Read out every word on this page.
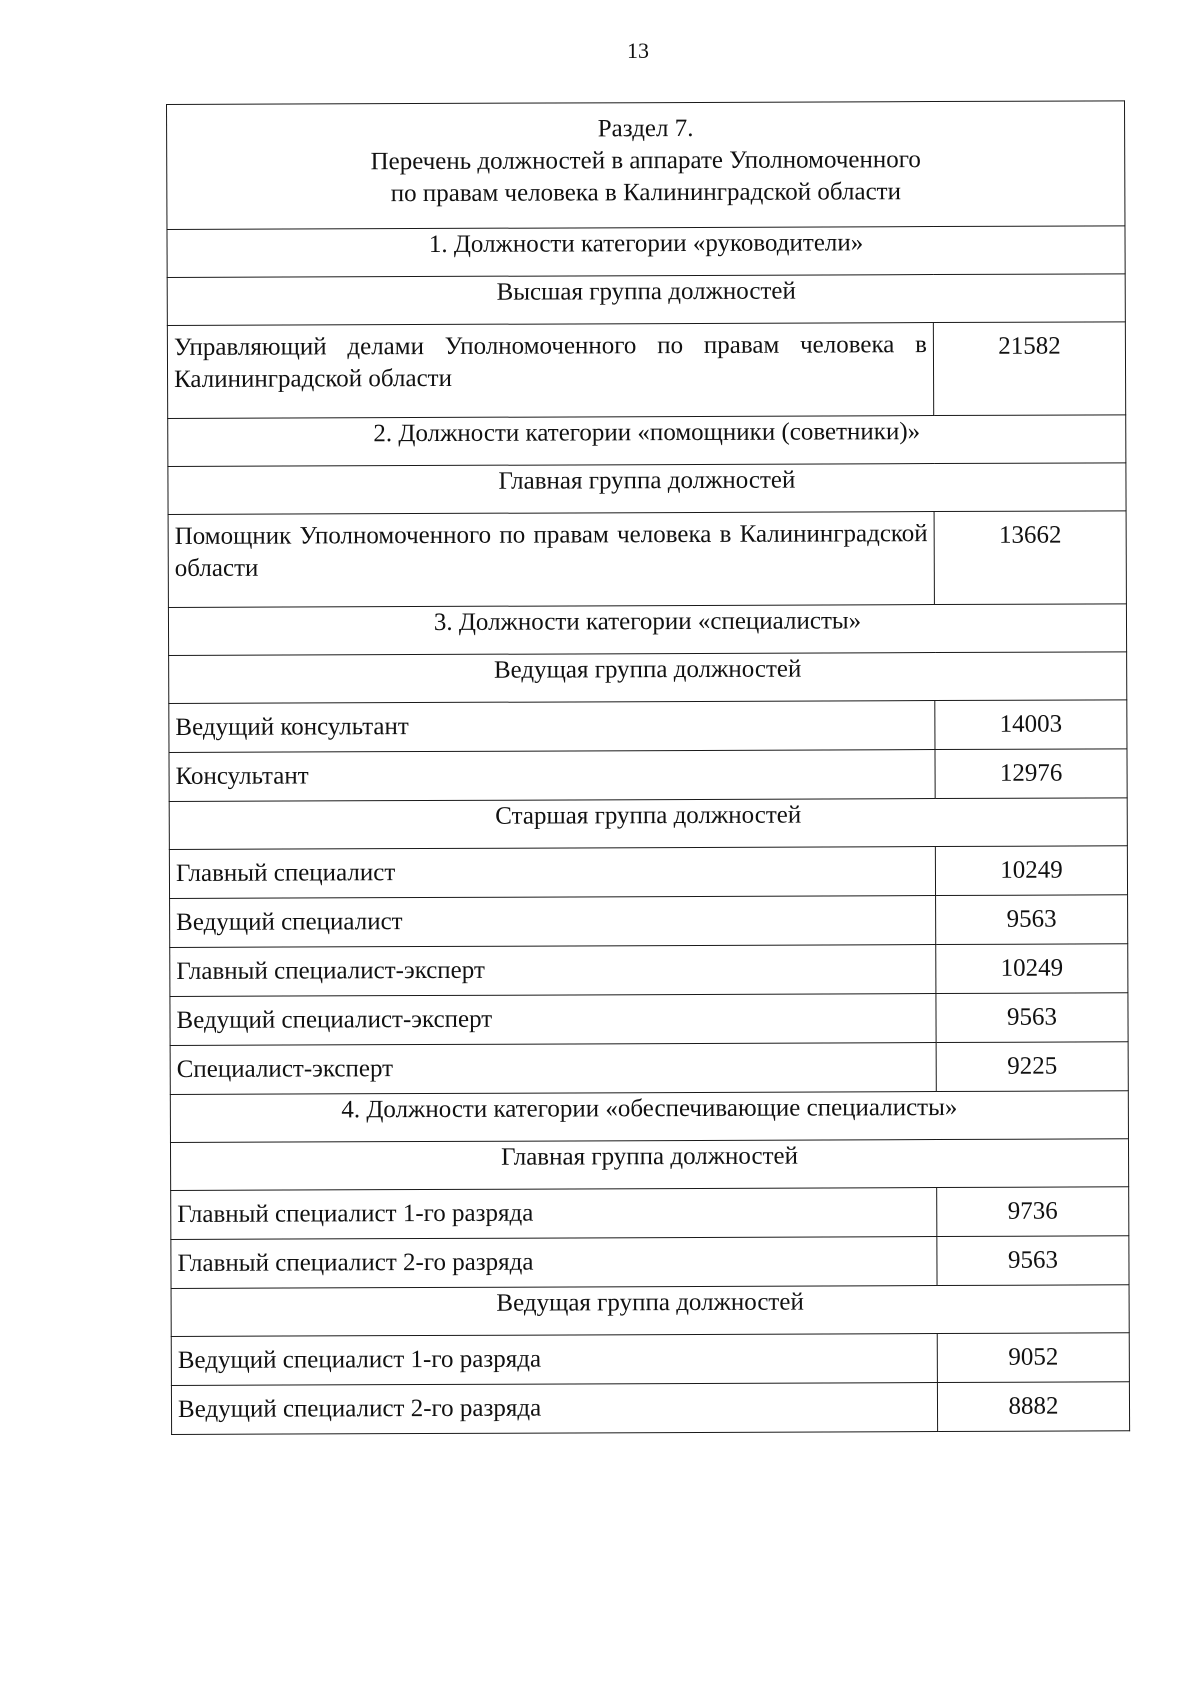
13
Раздел 7.
Перечень должностей в аппарате Уполномоченного
по правам человека в Калининградской области	

1. Должности категории «руководители»	
Высшая группа должностей	
Управляющий делами Уполномоченного по правам человека в Калининградской области	21582
2. Должности категории «помощники (советники)»	
Главная группа должностей	
Помощник Уполномоченного по правам человека в Калининградской области	13662
3. Должности категории «специалисты»	
Ведущая группа должностей	
Ведущий консультант	14003
Консультант	12976
Старшая группа должностей	
Главный специалист	10249
Ведущий специалист	9563
Главный специалист-эксперт	10249
Ведущий специалист-эксперт	9563
Специалист-эксперт	9225
4. Должности категории «обеспечивающие специалисты»	
Главная группа должностей	
Главный специалист 1-го разряда	9736
Главный специалист 2-го разряда	9563
Ведущая группа должностей	
Ведущий специалист 1-го разряда	9052
Ведущий специалист 2-го разряда	8882
